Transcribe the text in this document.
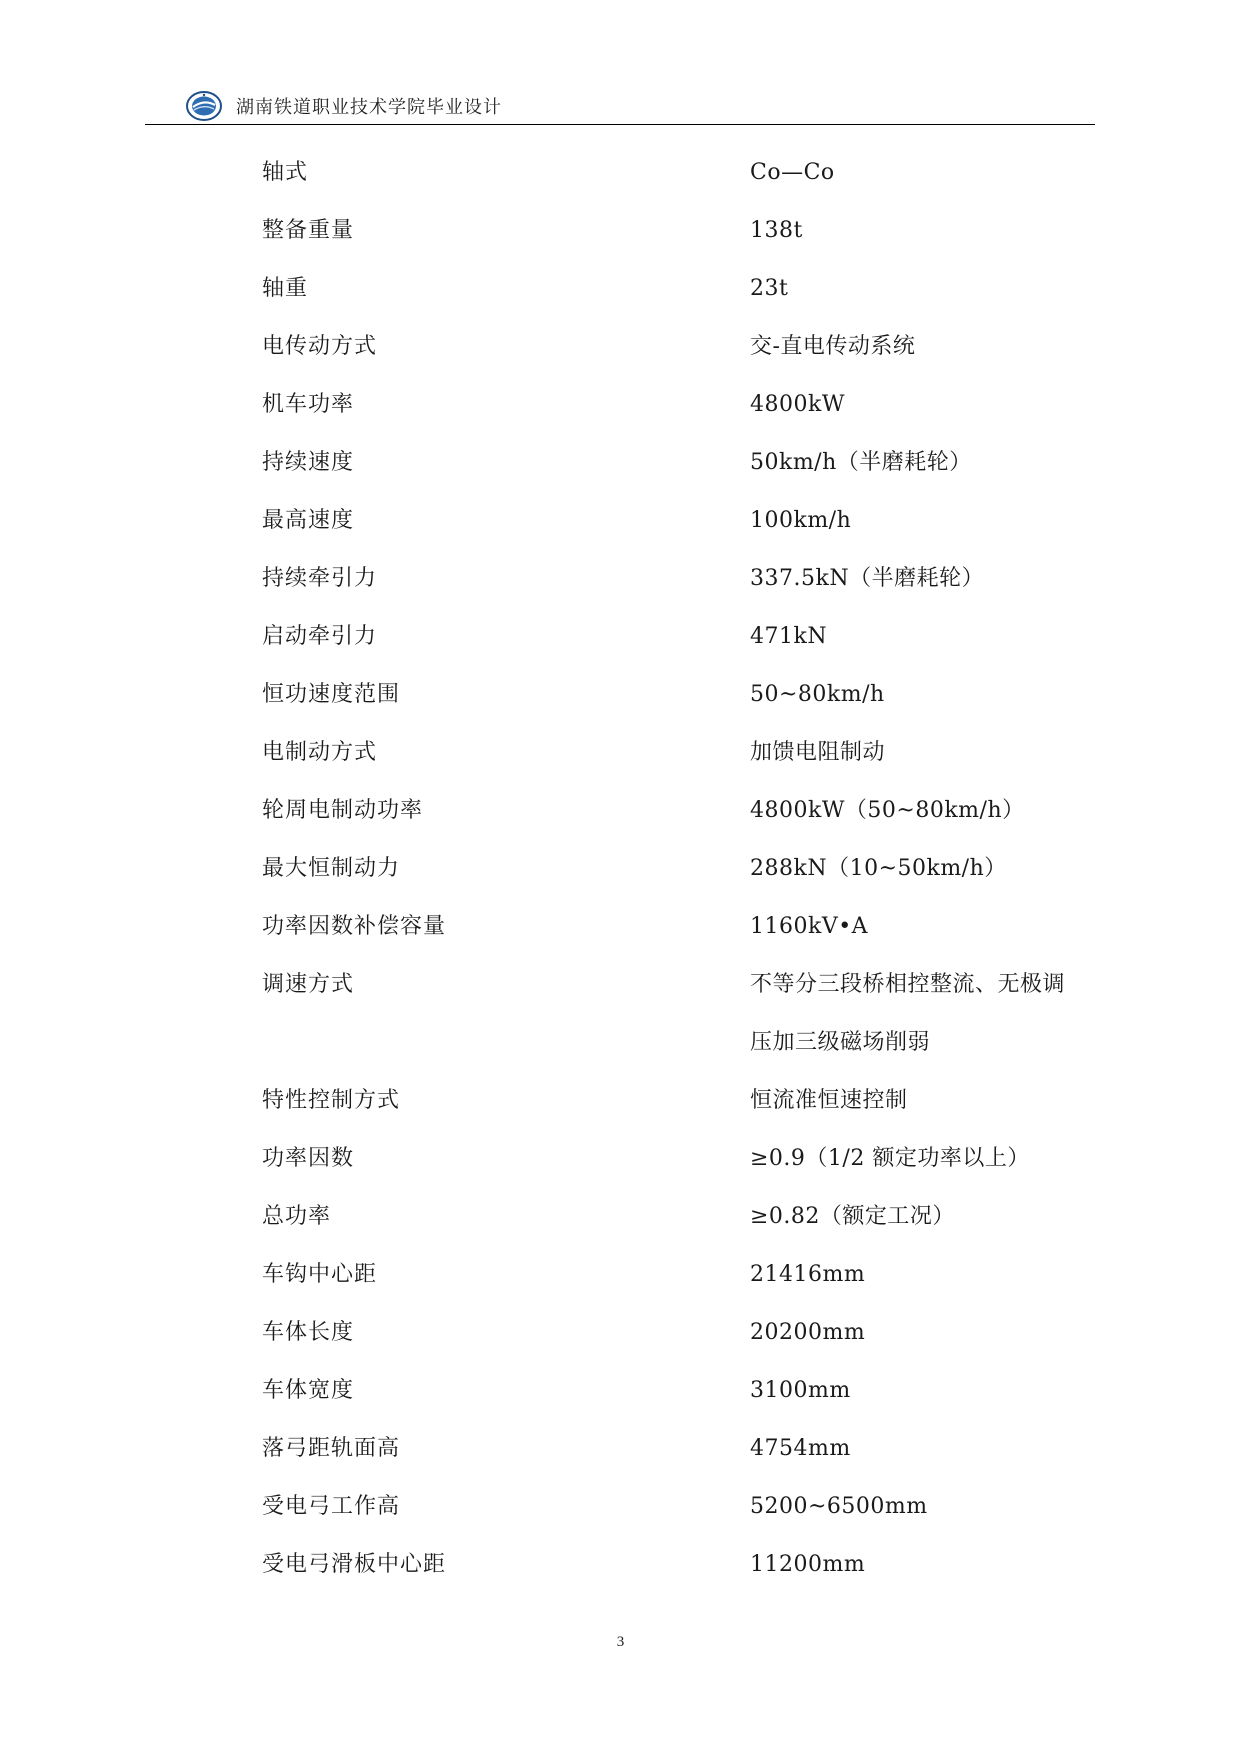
湖南铁道职业技术学院毕业设计
轴式	Co—Co
整备重量	138t
轴重	23t
电传动方式	交-直电传动系统
机车功率	4800kW
持续速度	50km/h（半磨耗轮）
最高速度	100km/h
持续牵引力	337.5kN（半磨耗轮）
启动牵引力	471kN
恒功速度范围	50~80km/h
电制动方式	加馈电阻制动
轮周电制动功率	4800kW（50~80km/h）
最大恒制动力	288kN（10~50km/h）
功率因数补偿容量	1160kV•A
调速方式	不等分三段桥相控整流、无极调
压加三级磁场削弱
特性控制方式	恒流准恒速控制
功率因数	≥0.9（1/2 额定功率以上）
总功率	≥0.82（额定工况）
车钩中心距	21416mm
车体长度	20200mm
车体宽度	3100mm
落弓距轨面高	4754mm
受电弓工作高	5200~6500mm
受电弓滑板中心距	11200mm
3
